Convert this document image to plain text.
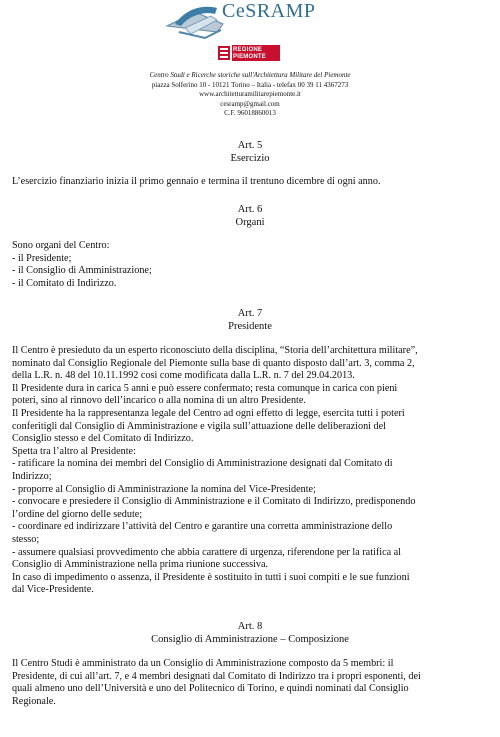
CeSRAMP
REGIONE
PIEMONTE
Centro Studi e Ricerche storiche sull'Architettura Militare del Piemonte
piazza Solferino 10 - 10121 Torino – Italia - telefax 00 39 11 4367273
www.architetturamilitarepiemonte.it
cesramp@gmail.com
C.F. 96018860013
Art. 5
Esercizio
L’esercizio finanziario inizia il primo gennaio e termina il trentuno dicembre di ogni anno.
Art. 6
Organi
Sono organi del Centro:
- il Presidente;
- il Consiglio di Amministrazione;
- il Comitato di Indirizzo.
Art. 7
Presidente
Il Centro è presieduto da un esperto riconosciuto della disciplina, “Storia dell’architettura militare”,
nominato dal Consiglio Regionale del Piemonte sulla base di quanto disposto dall’art. 3, comma 2,
della L.R. n. 48 del 10.11.1992 così come modificata dalla L.R. n. 7 del 29.04.2013.
Il Presidente dura in carica 5 anni e può essere confermato; resta comunque in carica con pieni
poteri, sino al rinnovo dell’incarico o alla nomina di un altro Presidente.
Il Presidente ha la rappresentanza legale del Centro ad ogni effetto di legge, esercita tutti i poteri
conferitigli dal Consiglio di Amministrazione e vigila sull’attuazione delle deliberazioni del
Consiglio stesso e del Comitato di Indirizzo.
Spetta tra l’altro al Presidente:
- ratificare la nomina dei membri del Consiglio di Amministrazione designati dal Comitato di
Indirizzo;
- proporre al Consiglio di Amministrazione la nomina del Vice-Presidente;
- convocare e presiedere il Consiglio di Amministrazione e il Comitato di Indirizzo, predisponendo
l’ordine del giorno delle sedute;
- coordinare ed indirizzare l’attività del Centro e garantire una corretta amministrazione dello
stesso;
- assumere qualsiasi provvedimento che abbia carattere di urgenza, riferendone per la ratifica al
Consiglio di Amministrazione nella prima riunione successiva.
In caso di impedimento o assenza, il Presidente è sostituito in tutti i suoi compiti e le sue funzioni
dal Vice-Presidente.
Art. 8
Consiglio di Amministrazione – Composizione
Il Centro Studi è amministrato da un Consiglio di Amministrazione composto da 5 membri: il
Presidente, di cui all’art. 7, e 4 membri designati dal Comitato di Indirizzo tra i propri esponenti, dei
quali almeno uno dell’Università e uno del Politecnico di Torino, e quindi nominati dal Consiglio
Regionale.
